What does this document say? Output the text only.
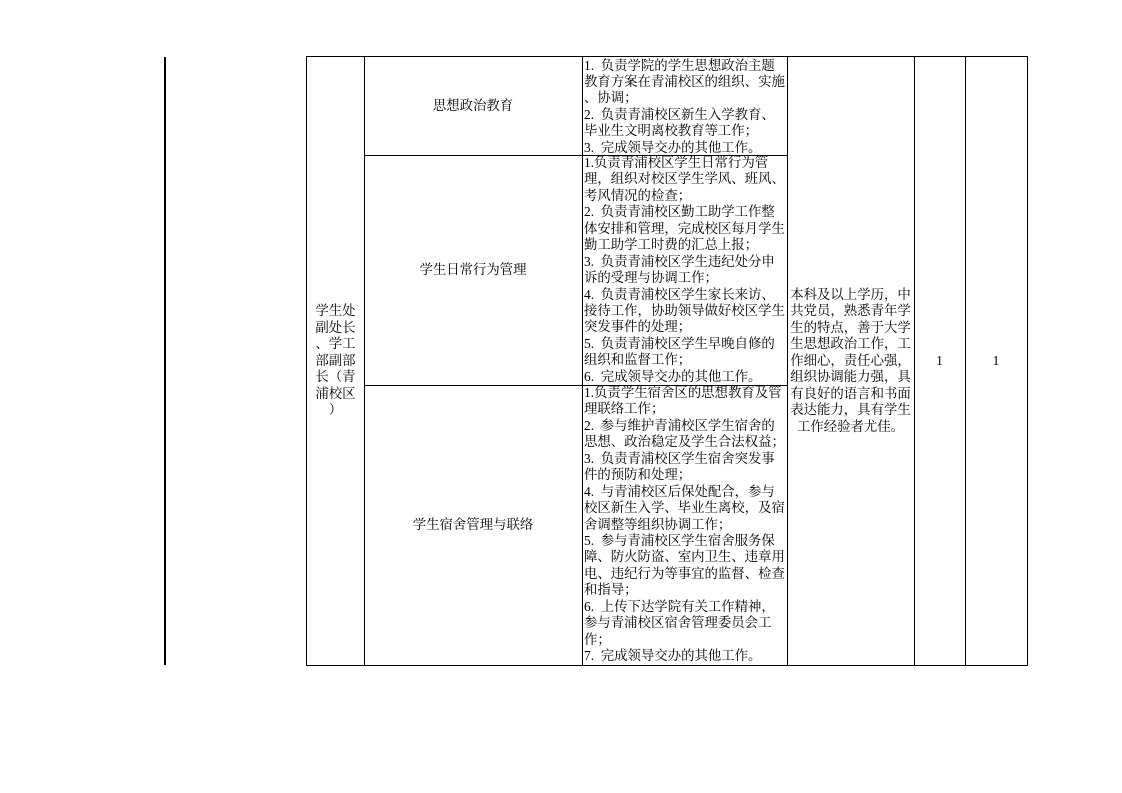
学生处
副处长
、学工
部副部
长（青
浦校区
）
思想政治教育
学生日常行为管理
学生宿舍管理与联络
1.  负责学院的学生思想政治主题
教育方案在青浦校区的组织、实施
、协调；
2.  负责青浦校区新生入学教育、
毕业生文明离校教育等工作；
3.  完成领导交办的其他工作。
1.负责青浦校区学生日常行为管
理，组织对校区学生学风、班风、
考风情况的检查；
2.  负责青浦校区勤工助学工作整
体安排和管理，完成校区每月学生
勤工助学工时费的汇总上报；
3.  负责青浦校区学生违纪处分申
诉的受理与协调工作；
4.  负责青浦校区学生家长来访、
接待工作，协助领导做好校区学生
突发事件的处理；
5.  负责青浦校区学生早晚自修的
组织和监督工作；
6.  完成领导交办的其他工作。
1.负责学生宿舍区的思想教育及管
理联络工作；
2.  参与维护青浦校区学生宿舍的
思想、政治稳定及学生合法权益；
3.  负责青浦校区学生宿舍突发事
件的预防和处理；
4.  与青浦校区后保处配合，参与
校区新生入学、毕业生离校，及宿
舍调整等组织协调工作；
5.  参与青浦校区学生宿舍服务保
障、防火防盗、室内卫生、违章用
电、违纪行为等事宜的监督、检查
和指导；
6.  上传下达学院有关工作精神，
参与青浦校区宿舍管理委员会工
作；
7.  完成领导交办的其他工作。
本科及以上学历，中
共党员，熟悉青年学
生的特点，善于大学
生思想政治工作，工
作细心，责任心强，
组织协调能力强，具
有良好的语言和书面
表达能力，具有学生
工作经验者尤佳。
1	1
